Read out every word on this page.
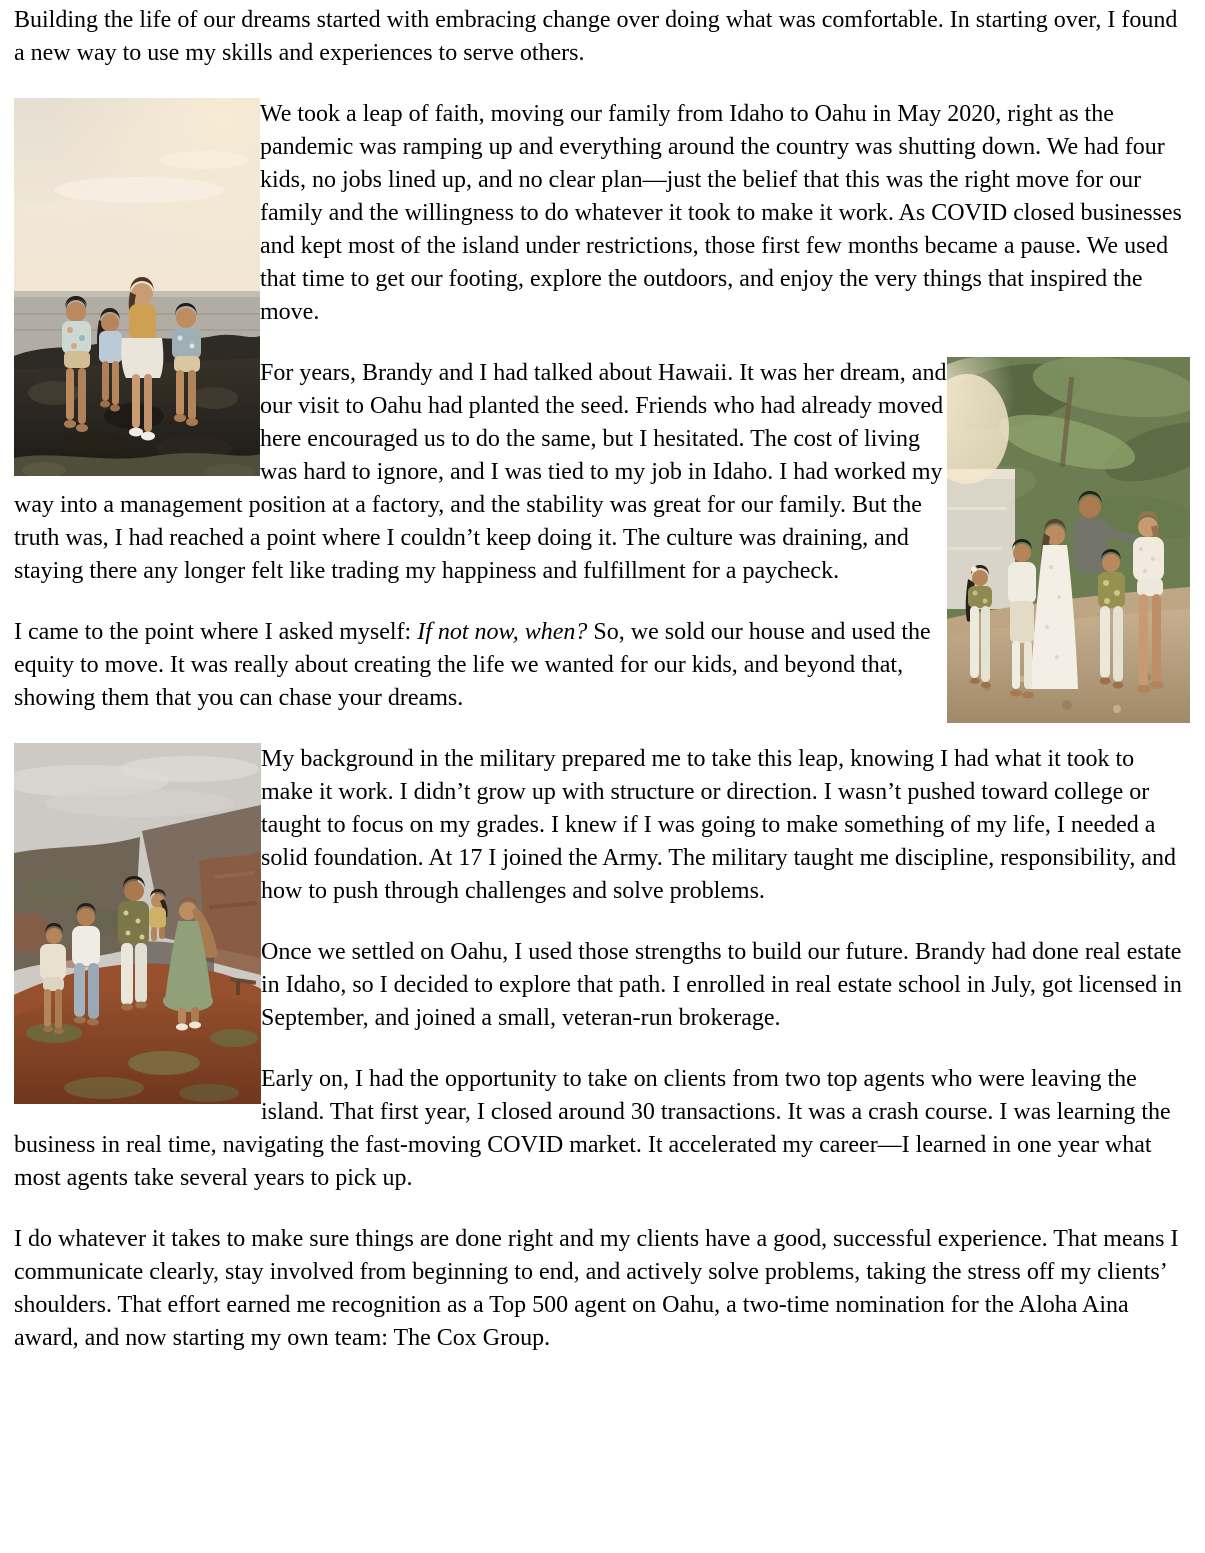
Building the life of our dreams started with embracing change over doing what was comfortable. In starting over, I found a new way to use my skills and experiences to serve others.

We took a leap of faith, moving our family from Idaho to Oahu in May 2020, right as the pandemic was ramping up and everything around the country was shutting down. We had four kids, no jobs lined up, and no clear plan—just the belief that this was the right move for our family and the willingness to do whatever it took to make it work. As COVID closed businesses and kept most of the island under restrictions, those first few months became a pause. We used that time to get our footing, explore the outdoors, and enjoy the very things that inspired the move.

For years, Brandy and I had talked about Hawaii. It was her dream, and our visit to Oahu had planted the seed. Friends who had already moved here encouraged us to do the same, but I hesitated. The cost of living was hard to ignore, and I was tied to my job in Idaho. I had worked my way into a management position at a factory, and the stability was great for our family. But the truth was, I had reached a point where I couldn’t keep doing it. The culture was draining, and staying there any longer felt like trading my happiness and fulfillment for a paycheck.

I came to the point where I asked myself: If not now, when? So, we sold our house and used the equity to move. It was really about creating the life we wanted for our kids, and beyond that, showing them that you can chase your dreams.

My background in the military prepared me to take this leap, knowing I had what it took to make it work. I didn’t grow up with structure or direction. I wasn’t pushed toward college or taught to focus on my grades. I knew if I was going to make something of my life, I needed a solid foundation. At 17 I joined the Army. The military taught me discipline, responsibility, and how to push through challenges and solve problems.

Once we settled on Oahu, I used those strengths to build our future. Brandy had done real estate in Idaho, so I decided to explore that path. I enrolled in real estate school in July, got licensed in September, and joined a small, veteran-run brokerage.

Early on, I had the opportunity to take on clients from two top agents who were leaving the island. That first year, I closed around 30 transactions. It was a crash course. I was learning the business in real time, navigating the fast-moving COVID market. It accelerated my career—I learned in one year what most agents take several years to pick up.

I do whatever it takes to make sure things are done right and my clients have a good, successful experience. That means I communicate clearly, stay involved from beginning to end, and actively solve problems, taking the stress off my clients’ shoulders. That effort earned me recognition as a Top 500 agent on Oahu, a two-time nomination for the Aloha Aina award, and now starting my own team: The Cox Group.
